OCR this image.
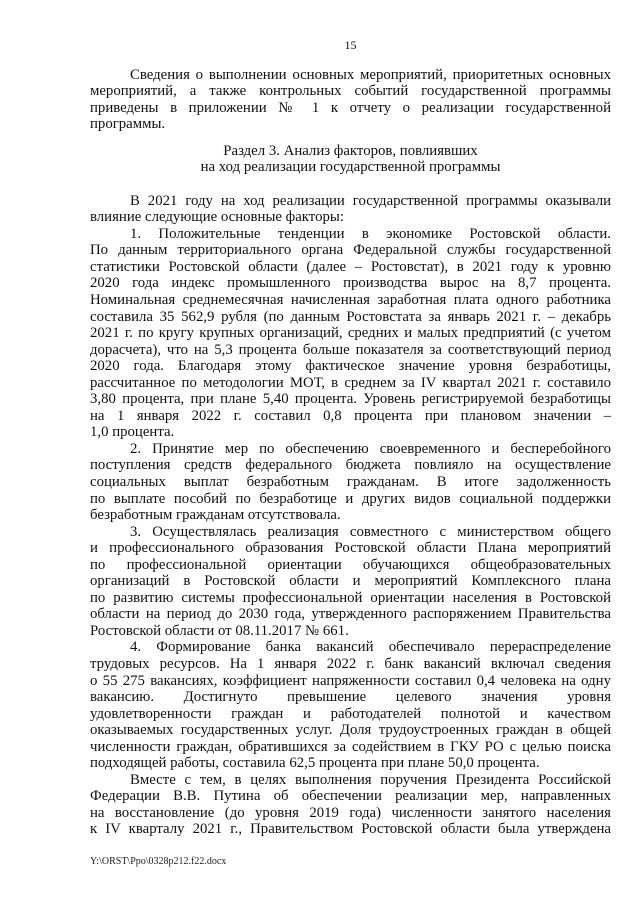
15
Сведения о выполнении основных мероприятий, приоритетных основных
мероприятий, а также контрольных событий государственной программы
приведены в приложении № 1 к отчету о реализации государственной
программы.
Раздел 3. Анализ факторов, повлиявших
на ход реализации государственной программы
В 2021 году на ход реализации государственной программы оказывали
влияние следующие основные факторы:
1. Положительные тенденции в экономике Ростовской области.
По данным территориального органа Федеральной службы государственной
статистики Ростовской области (далее – Ростовстат), в 2021 году к уровню
2020 года индекс промышленного производства вырос на 8,7 процента.
Номинальная среднемесячная начисленная заработная плата одного работника
составила 35 562,9 рубля (по данным Ростовстата за январь 2021 г. – декабрь
2021 г. по кругу крупных организаций, средних и малых предприятий (с учетом
дорасчета), что на 5,3 процента больше показателя за соответствующий период
2020 года. Благодаря этому фактическое значение уровня безработицы,
рассчитанное по методологии МОТ, в среднем за IV квартал 2021 г. составило
3,80 процента, при плане 5,40 процента. Уровень регистрируемой безработицы
на 1 января 2022 г. составил 0,8 процента при плановом значении –
1,0 процента.
2. Принятие мер по обеспечению своевременного и бесперебойного
поступления средств федерального бюджета повлияло на осуществление
социальных выплат безработным гражданам. В итоге задолженность
по выплате пособий по безработице и других видов социальной поддержки
безработным гражданам отсутствовала.
3. Осуществлялась реализация совместного с министерством общего
и профессионального образования Ростовской области Плана мероприятий
по профессиональной ориентации обучающихся общеобразовательных
организаций в Ростовской области и мероприятий Комплексного плана
по развитию системы профессиональной ориентации населения в Ростовской
области на период до 2030 года, утвержденного распоряжением Правительства
Ростовской области от 08.11.2017 № 661.
4. Формирование банка вакансий обеспечивало перераспределение
трудовых ресурсов. На 1 января 2022 г. банк вакансий включал сведения
о 55 275 вакансиях, коэффициент напряженности составил 0,4 человека на одну
вакансию. Достигнуто превышение целевого значения уровня
удовлетворенности граждан и работодателей полнотой и качеством
оказываемых государственных услуг. Доля трудоустроенных граждан в общей
численности граждан, обратившихся за содействием в ГКУ РО с целью поиска
подходящей работы, составила 62,5 процента при плане 50,0 процента.
Вместе с тем, в целях выполнения поручения Президента Российской
Федерации В.В. Путина об обеспечении реализации мер, направленных
на восстановление (до уровня 2019 года) численности занятого населения
к IV кварталу 2021 г., Правительством Ростовской области была утверждена
Y:\ORST\Ppo\0328p212.f22.docx
